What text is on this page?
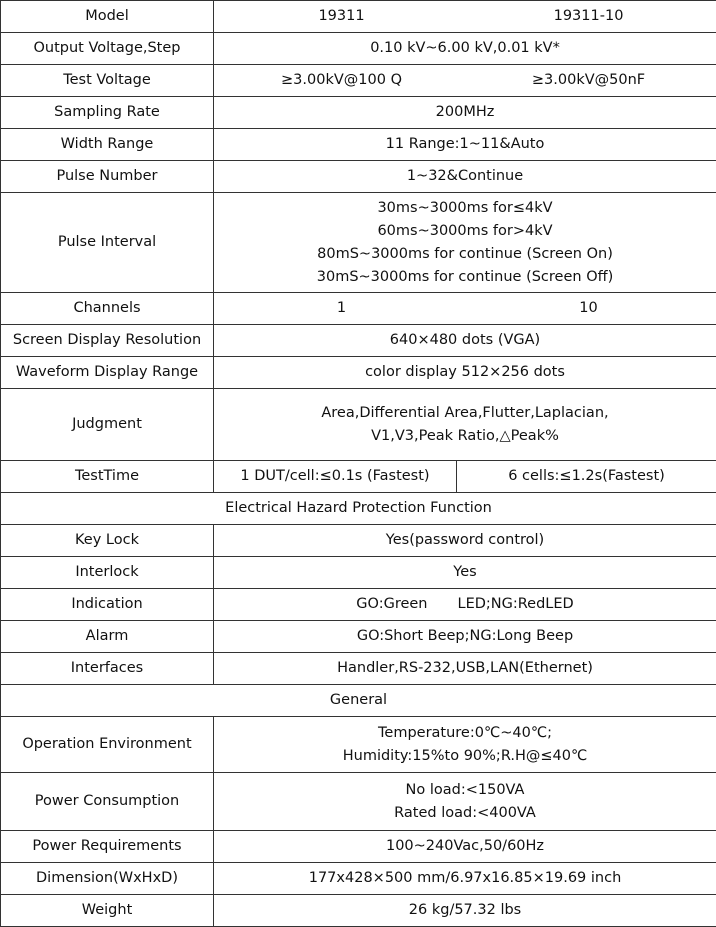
Model	19311 19311-10	

Output Voltage,Step	0.10 kV~6.00 kV,0.01 kV*	
Test Voltage	≥3.00kV@100 Q ≥3.00kV@50nF	

Sampling Rate	200MHz	
Width Range	11 Range:1~11&Auto	
Pulse Number	1~32&Continue	
Pulse Interval	30ms~3000ms for≤4kV
60ms~3000ms for>4kV
80mS~3000ms for continue (Screen On)
30mS~3000ms for continue (Screen Off)	

Channels	1 10	

Screen Display Resolution	640×480 dots (VGA)	
Waveform Display Range	color display 512×256 dots	
Judgment	Area,Differential Area,Flutter,Laplacian,
V1,V3,Peak Ratio,△Peak%	

TestTime	1 DUT/cell:≤0.1s (Fastest)	6 cells:≤1.2s(Fastest)
Electrical Hazard Protection Function		
Key Lock	Yes(password control)	
Interlock	Yes	
Indication	GO:Green LED;NG:RedLED	
Alarm	GO:Short Beep;NG:Long Beep	
Interfaces	Handler,RS-232,USB,LAN(Ethernet)	
General		
Operation Environment	Temperature:0℃~40℃;
Humidity:15%to 90%;R.H@≤40℃	

Power Consumption	No load:<150VA
Rated load:<400VA	

Power Requirements	100~240Vac,50/60Hz	
Dimension(WxHxD)	177x428×500 mm/6.97x16.85×19.69 inch	
Weight	26 kg/57.32 lbs	
